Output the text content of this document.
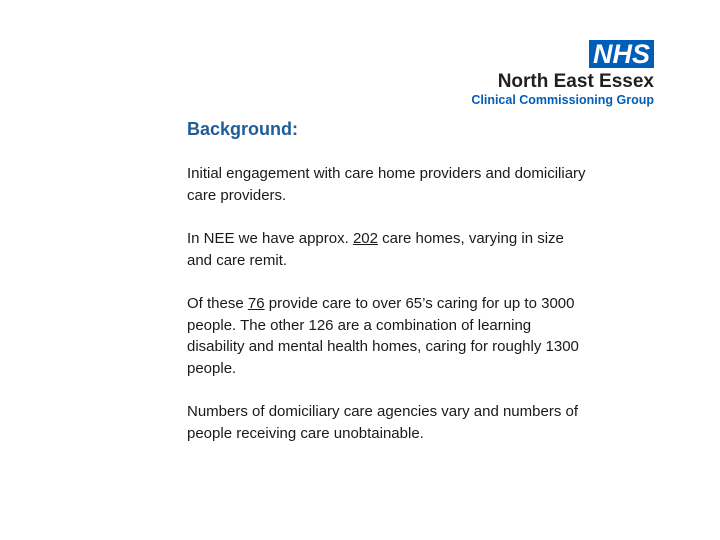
NHS
North East Essex
Clinical Commissioning Group
Background:
Initial engagement with care home providers and domiciliary care providers.
In NEE we have approx. 202 care homes, varying in size and care remit.
Of these 76 provide care to over 65’s caring for up to 3000 people. The other 126 are a combination of learning disability and mental health homes, caring for roughly 1300 people.
Numbers of domiciliary care agencies vary and numbers of people receiving care unobtainable.
